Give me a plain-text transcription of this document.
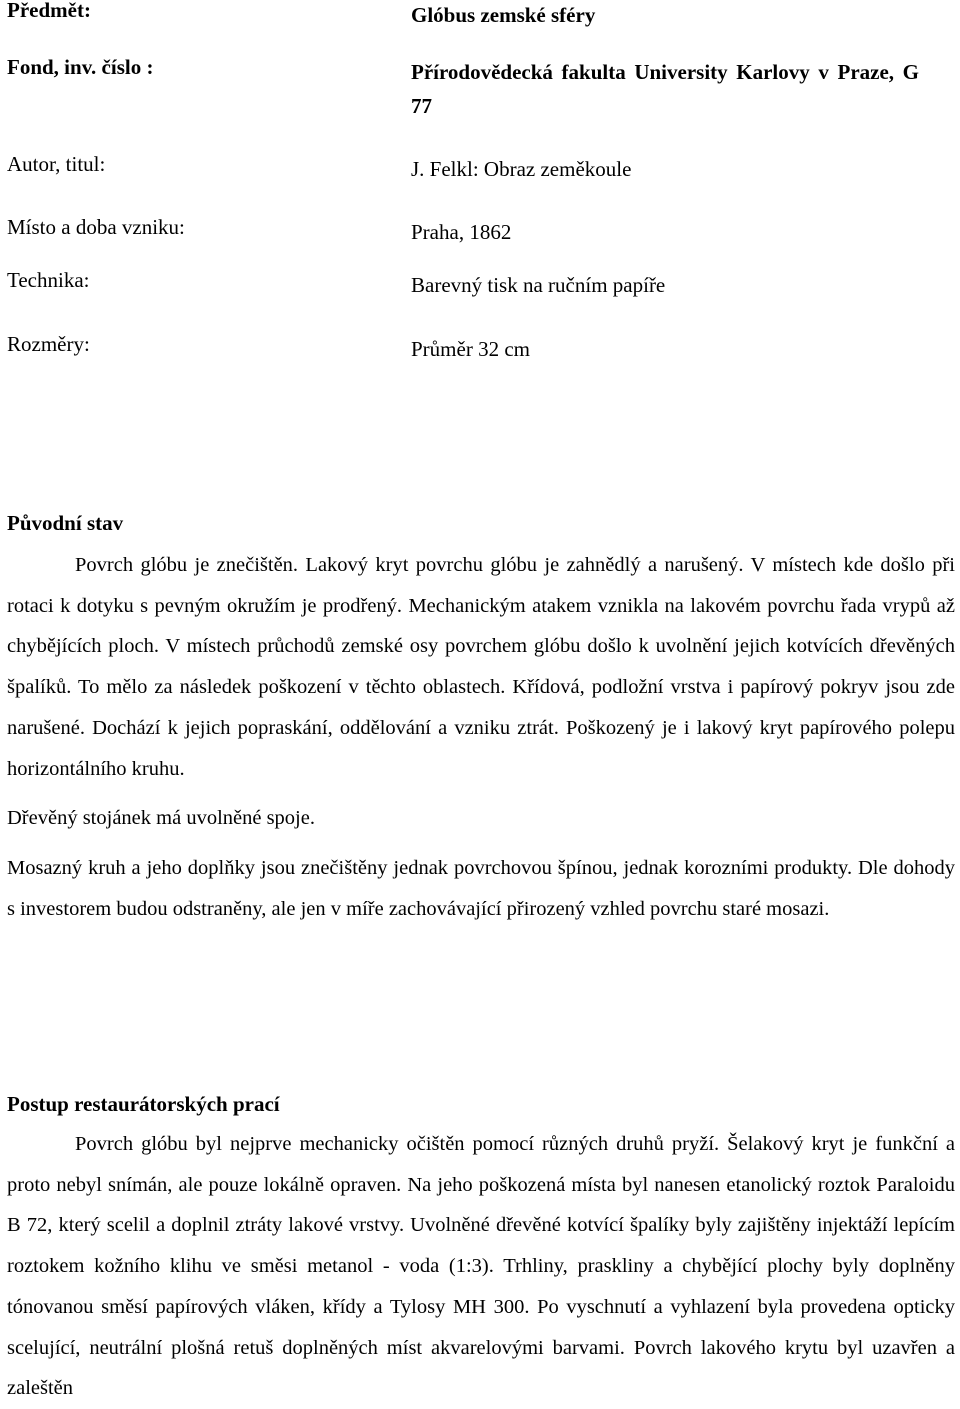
Předmět:	Glóbus zemské sféry
Fond, inv. číslo :	Přírodovědecká fakulta University Karlovy v Praze, G 77
Autor, titul:	J. Felkl: Obraz zeměkoule
Místo a doba vzniku:	Praha, 1862
Technika:	Barevný tisk na ručním papíře
Rozměry:	Průměr 32 cm
Původní stav

Povrch glóbu je znečištěn. Lakový kryt povrchu glóbu je zahnědlý a narušený. V místech kde došlo při rotaci k dotyku s pevným okružím je prodřený. Mechanickým atakem vznikla na lakovém povrchu řada vrypů až chybějících ploch. V místech průchodů zemské osy povrchem glóbu došlo k uvolnění jejich kotvících dřevěných špalíků. To mělo za následek poškození v těchto oblastech. Křídová, podložní vrstva i papírový pokryv jsou zde narušené. Dochází k jejich popraskání, oddělování a vzniku ztrát. Poškozený je i lakový kryt papírového polepu horizontálního kruhu.

Dřevěný stojánek má uvolněné spoje.

Mosazný kruh a jeho doplňky jsou znečištěny jednak povrchovou špínou, jednak korozními produkty. Dle dohody s investorem budou odstraněny, ale jen v míře zachovávající přirozený vzhled povrchu staré mosazi.

Postup restaurátorských prací

Povrch glóbu byl nejprve mechanicky očištěn pomocí různých druhů pryží. Šelakový kryt je funkční a proto nebyl snímán, ale pouze lokálně opraven. Na jeho poškozená místa byl nanesen etanolický roztok Paraloidu B 72, který scelil a doplnil ztráty lakové vrstvy. Uvolněné dřevěné kotvící špalíky byly zajištěny injektáží lepícím roztokem kožního klihu ve směsi metanol - voda (1:3). Trhliny, praskliny a chybějící plochy byly doplněny tónovanou směsí papírových vláken, křídy a Tylosy MH 300. Po vyschnutí a vyhlazení byla provedena opticky scelující, neutrální plošná retuš doplněných míst akvarelovými barvami. Povrch lakového krytu byl uzavřen a zaleštěn
